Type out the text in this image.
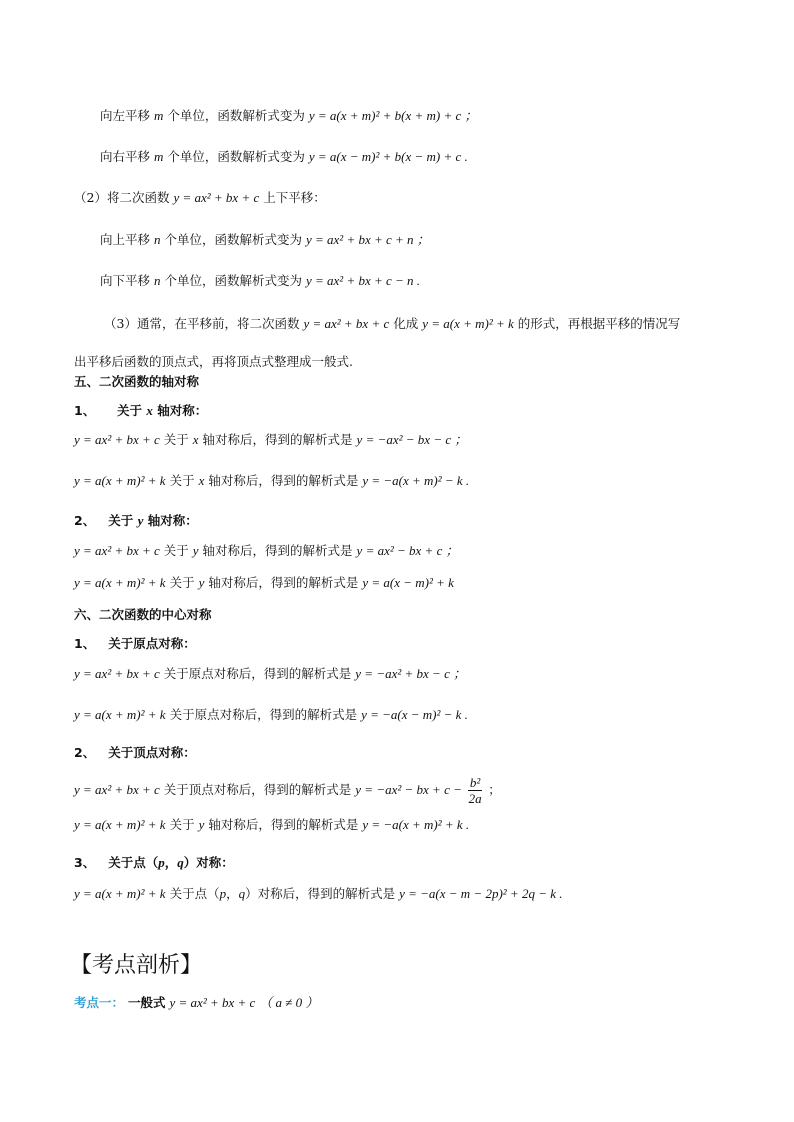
向左平移 m 个单位，函数解析式变为 y = a(x + m)² + b(x + m) + c ；
向右平移 m 个单位，函数解析式变为 y = a(x − m)² + b(x − m) + c .
（2）将二次函数 y = ax² + bx + c 上下平移：
向上平移 n 个单位，函数解析式变为 y = ax² + bx + c + n ；
向下平移 n 个单位，函数解析式变为 y = ax² + bx + c − n .
（3）通常，在平移前，将二次函数 y = ax² + bx + c 化成 y = a(x + m)² + k 的形式，再根据平移的情况写
出平移后函数的顶点式，再将顶点式整理成一般式.
五、二次函数的轴对称
1、 关于 x 轴对称：
y = ax² + bx + c 关于 x 轴对称后，得到的解析式是 y = −ax² − bx − c ；
y = a(x + m)² + k 关于 x 轴对称后，得到的解析式是 y = −a(x + m)² − k .
2、 关于 y 轴对称：
y = ax² + bx + c 关于 y 轴对称后，得到的解析式是 y = ax² − bx + c ；
y = a(x + m)² + k 关于 y 轴对称后，得到的解析式是 y = a(x − m)² + k
六、二次函数的中心对称
1、 关于原点对称：
y = ax² + bx + c 关于原点对称后，得到的解析式是 y = −ax² + bx − c ；
y = a(x + m)² + k 关于原点对称后，得到的解析式是 y = −a(x − m)² − k .
2、 关于顶点对称：
y = ax² + bx + c 关于顶点对称后，得到的解析式是 y = −ax² − bx + $c - \frac{\text{b²}}{2a}$ ；
y = a(x + m)² + k 关于 y 轴对称后，得到的解析式是 y = −a(x + m)² + k .
3、 关于点（p，q）对称：
y = a(x + m)² + k 关于点（p，q）对称后，得到的解析式是 y = −a(x − m − 2p)² + 2q − k .
【考点剖析】
考点一： 一般式 y = ax² + bx + c （ a ≠ 0 ）
